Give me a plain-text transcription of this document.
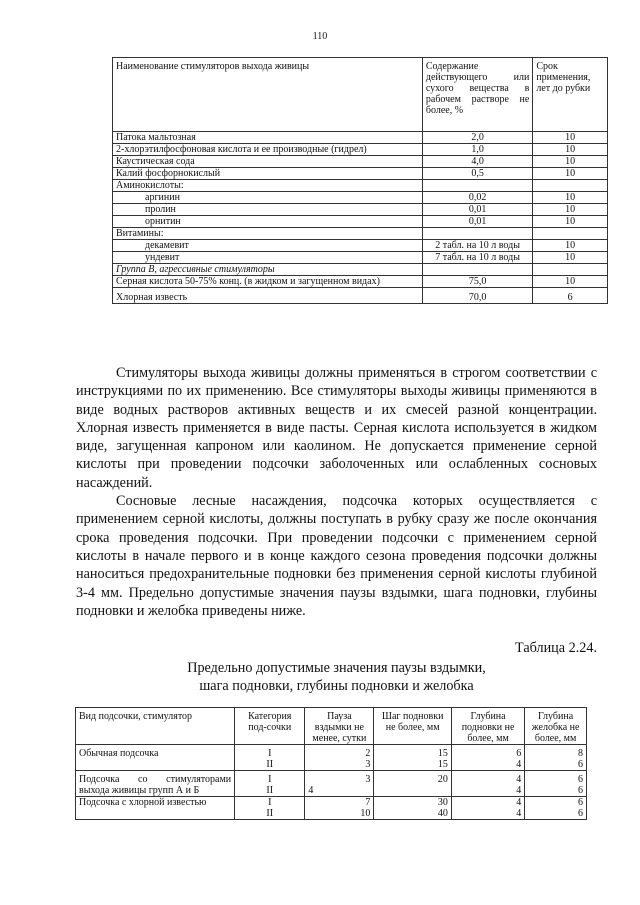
110
Наименование стимуляторов выхода живицы	Содержание действующего или сухого вещества в рабочем растворе не более, %	Срок применения, лет до рубки
Патока мальтозная	2,0	10
2-хлорэтилфосфоновая кислота и ее производные (гидрел)	1,0	10
Каустическая сода	4,0	10
Калий фосфорнокислый	0,5	10
Аминокислоты:		
аргинин	0,02	10
пролин	0,01	10
орнитин	0,01	10
Витамины:		
декамевит	2 табл. на 10 л воды	10
ундевит	7 табл. на 10 л воды	10
Группа В, агрессивные стимуляторы		
Серная кислота 50-75% конц. (в жидком и загущенном видах)	75,0	10
Хлорная известь	70,0	6

Стимуляторы выхода живицы должны применяться в строгом соответствии с инструкциями по их применению. Все стимуляторы выходы живицы применяются в виде водных растворов активных веществ и их смесей разной концентрации. Хлорная известь применяется в виде пасты. Серная кислота используется в жидком виде, загущенная капроном или каолином. Не допускается применение серной кислоты при проведении подсочки заболоченных или ослабленных сосновых насаждений.

Сосновые лесные насаждения, подсочка которых осуществляется с применением серной кислоты, должны поступать в рубку сразу же после окончания срока проведения подсочки. При проведении подсочки с применением серной кислоты в начале первого и в конце каждого сезона проведения подсочки должны наноситься предохранительные подновки без применения серной кислоты глубиной 3-4 мм. Предельно допустимые значения паузы вздымки, шага подновки, глубины подновки и желобка приведены ниже.

Таблица 2.24.
Предельно допустимые значения паузы вздымки,
шага подновки, глубины подновки и желобка
Вид подсочки, стимулятор	Категория под-сочки	Пауза вздымки не менее, сутки	Шаг подновки не более, мм	Глубина подновки не более, мм	Глубина желобка не более, мм
Обычная подсочка	I	2	15	6	8
	II	3	15	4	6
Подсочка со стимуляторами выхода живицы групп А и Б	I	3	20	4	6
	II	4		4	6
Подсочка с хлорной известью	I	7	30	4	6
	II	10	40	4	6
